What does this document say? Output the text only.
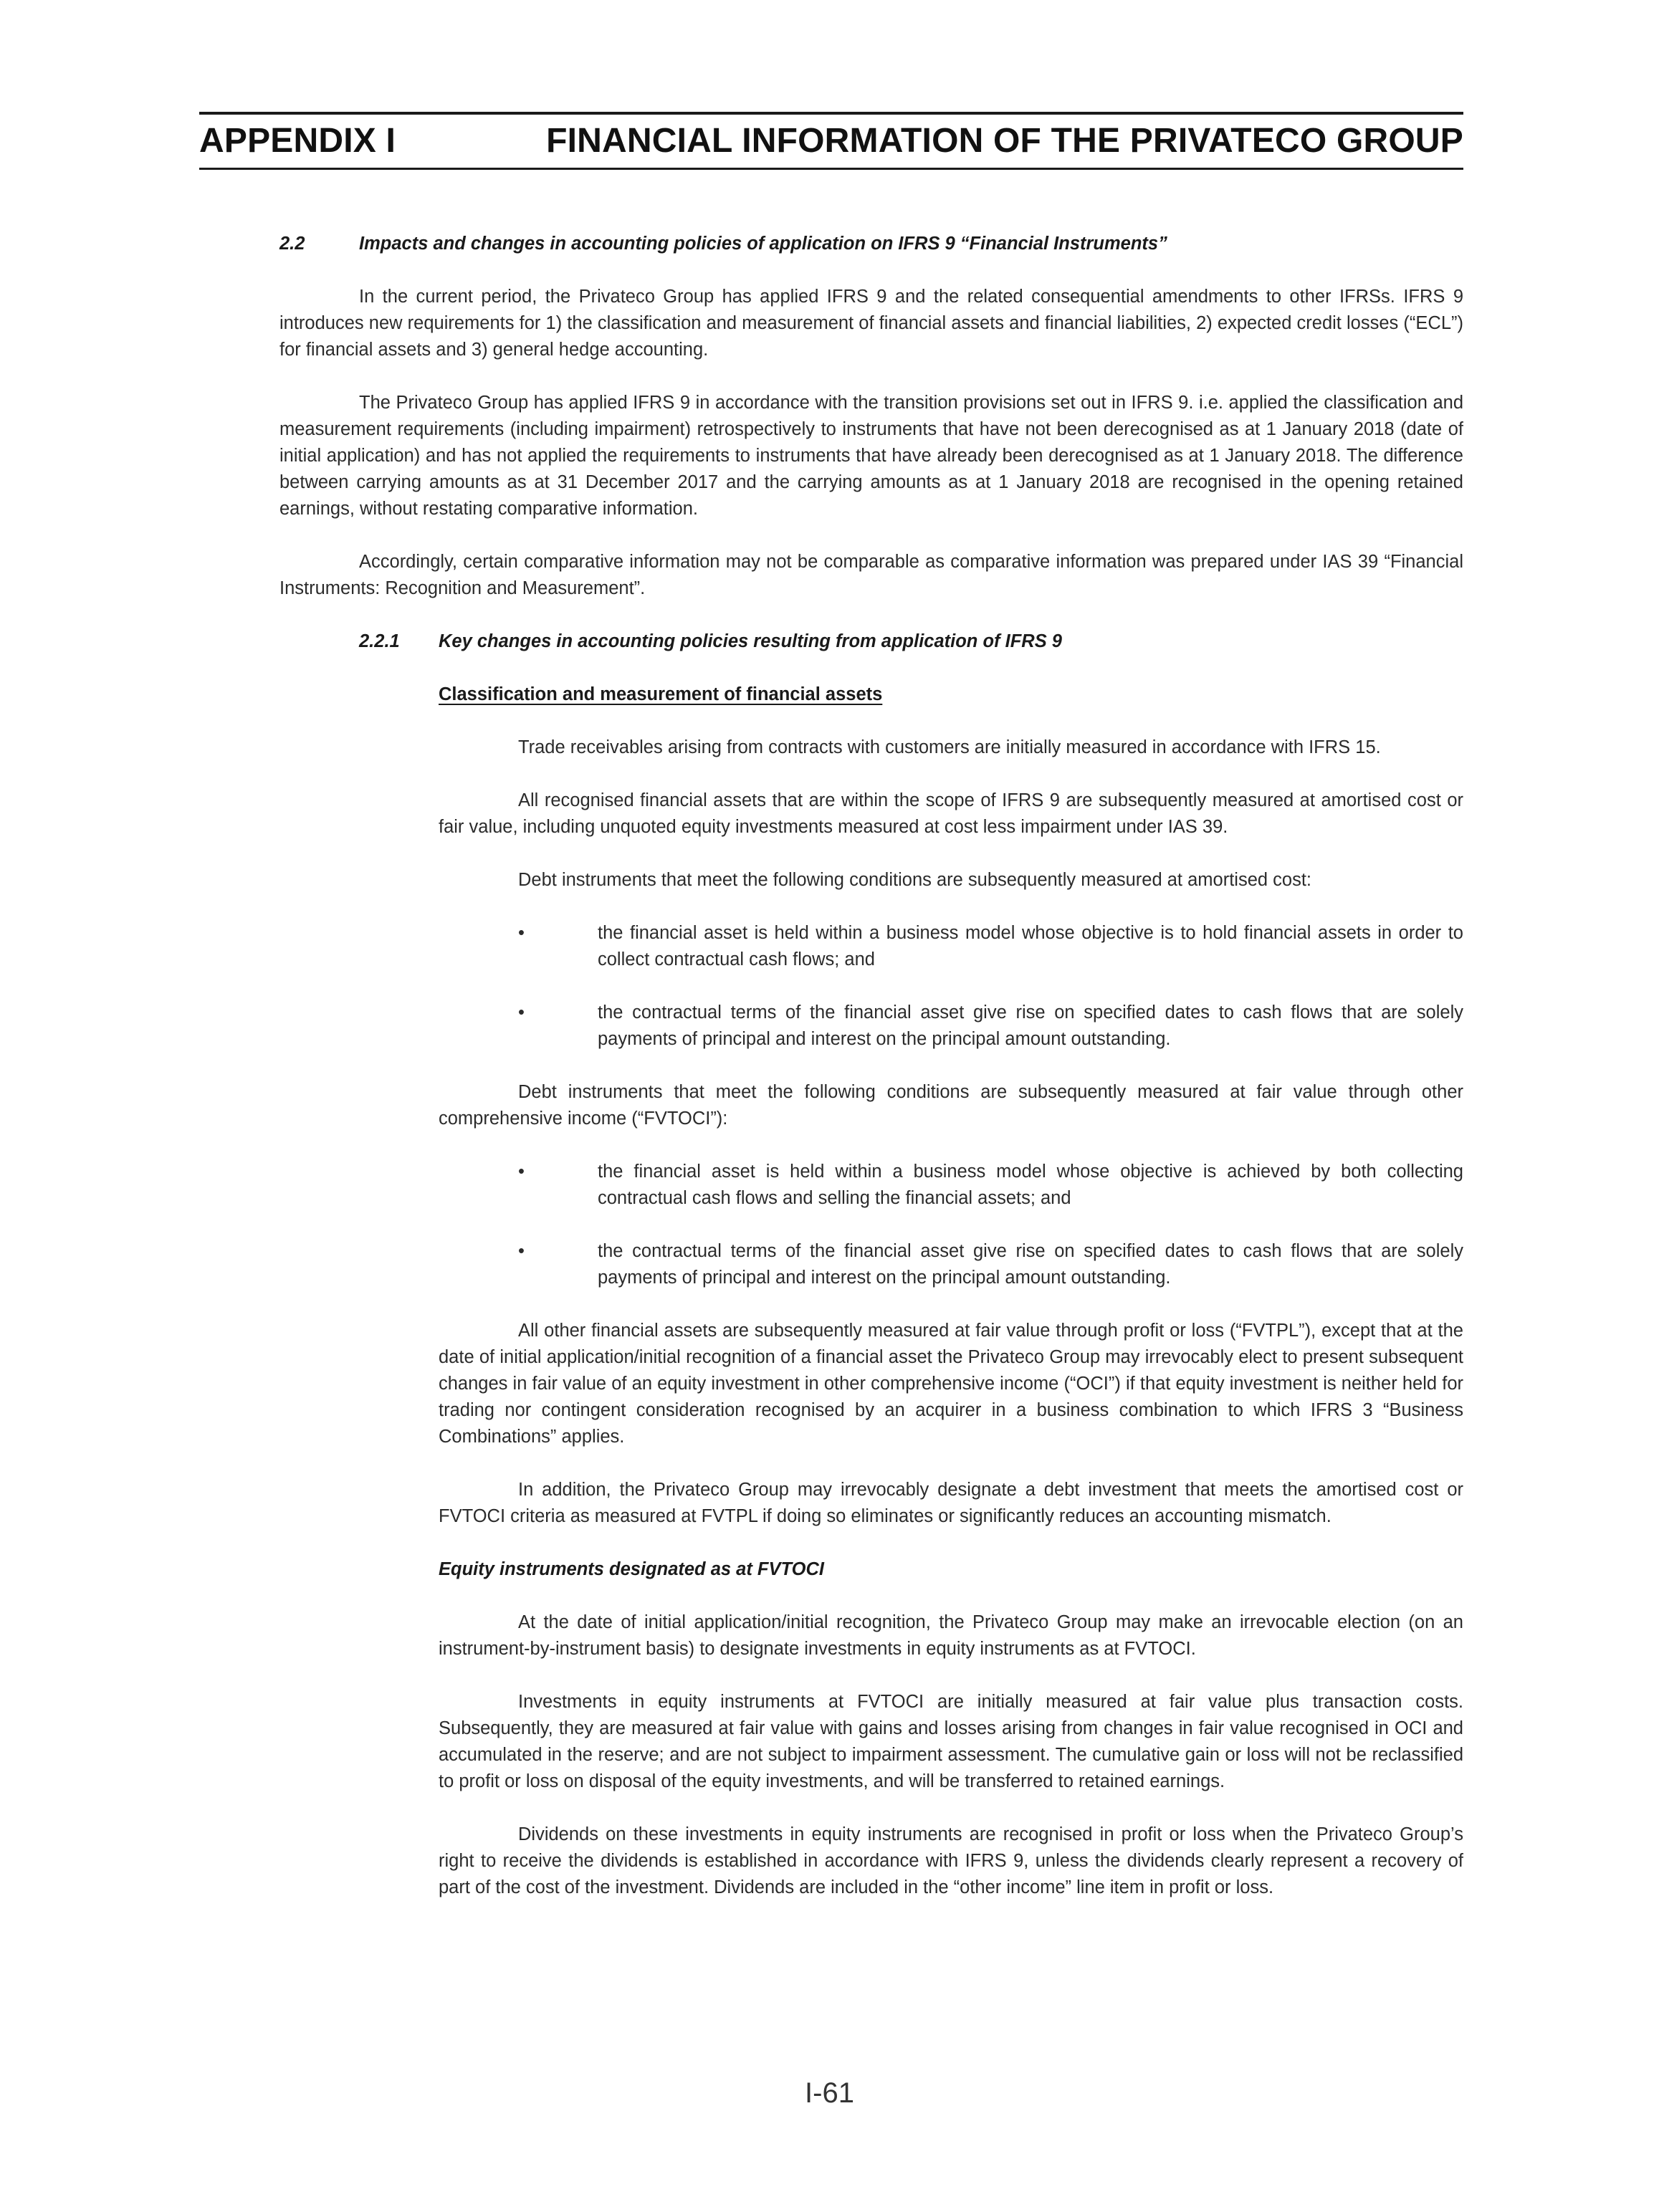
APPENDIX I	FINANCIAL INFORMATION OF THE PRIVATECO GROUP

2.2	Impacts and changes in accounting policies of application on IFRS 9 “Financial Instruments”

In the current period, the Privateco Group has applied IFRS 9 and the related consequential amendments to other IFRSs. IFRS 9 introduces new requirements for 1) the classification and measurement of financial assets and financial liabilities, 2) expected credit losses (“ECL”) for financial assets and 3) general hedge accounting.

The Privateco Group has applied IFRS 9 in accordance with the transition provisions set out in IFRS 9. i.e. applied the classification and measurement requirements (including impairment) retrospectively to instruments that have not been derecognised as at 1 January 2018 (date of initial application) and has not applied the requirements to instruments that have already been derecognised as at 1 January 2018. The difference between carrying amounts as at 31 December 2017 and the carrying amounts as at 1 January 2018 are recognised in the opening retained earnings, without restating comparative information.

Accordingly, certain comparative information may not be comparable as comparative information was prepared under IAS 39 “Financial Instruments: Recognition and Measurement”.

2.2.1 Key changes in accounting policies resulting from application of IFRS 9

Classification and measurement of financial assets

Trade receivables arising from contracts with customers are initially measured in accordance with IFRS 15.

All recognised financial assets that are within the scope of IFRS 9 are subsequently measured at amortised cost or fair value, including unquoted equity investments measured at cost less impairment under IAS 39.

Debt instruments that meet the following conditions are subsequently measured at amortised cost:

•	the financial asset is held within a business model whose objective is to hold financial assets in order to collect contractual cash flows; and

•	the contractual terms of the financial asset give rise on specified dates to cash flows that are solely payments of principal and interest on the principal amount outstanding.

Debt instruments that meet the following conditions are subsequently measured at fair value through other comprehensive income (“FVTOCI”):

•	the financial asset is held within a business model whose objective is achieved by both collecting contractual cash flows and selling the financial assets; and

•	the contractual terms of the financial asset give rise on specified dates to cash flows that are solely payments of principal and interest on the principal amount outstanding.

All other financial assets are subsequently measured at fair value through profit or loss (“FVTPL”), except that at the date of initial application/initial recognition of a financial asset the Privateco Group may irrevocably elect to present subsequent changes in fair value of an equity investment in other comprehensive income (“OCI”) if that equity investment is neither held for trading nor contingent consideration recognised by an acquirer in a business combination to which IFRS 3 “Business Combinations” applies.

In addition, the Privateco Group may irrevocably designate a debt investment that meets the amortised cost or FVTOCI criteria as measured at FVTPL if doing so eliminates or significantly reduces an accounting mismatch.

Equity instruments designated as at FVTOCI

At the date of initial application/initial recognition, the Privateco Group may make an irrevocable election (on an instrument-by-instrument basis) to designate investments in equity instruments as at FVTOCI.

Investments in equity instruments at FVTOCI are initially measured at fair value plus transaction costs. Subsequently, they are measured at fair value with gains and losses arising from changes in fair value recognised in OCI and accumulated in the reserve; and are not subject to impairment assessment. The cumulative gain or loss will not be reclassified to profit or loss on disposal of the equity investments, and will be transferred to retained earnings.

Dividends on these investments in equity instruments are recognised in profit or loss when the Privateco Group’s right to receive the dividends is established in accordance with IFRS 9, unless the dividends clearly represent a recovery of part of the cost of the investment. Dividends are included in the “other income” line item in profit or loss.

I-61
